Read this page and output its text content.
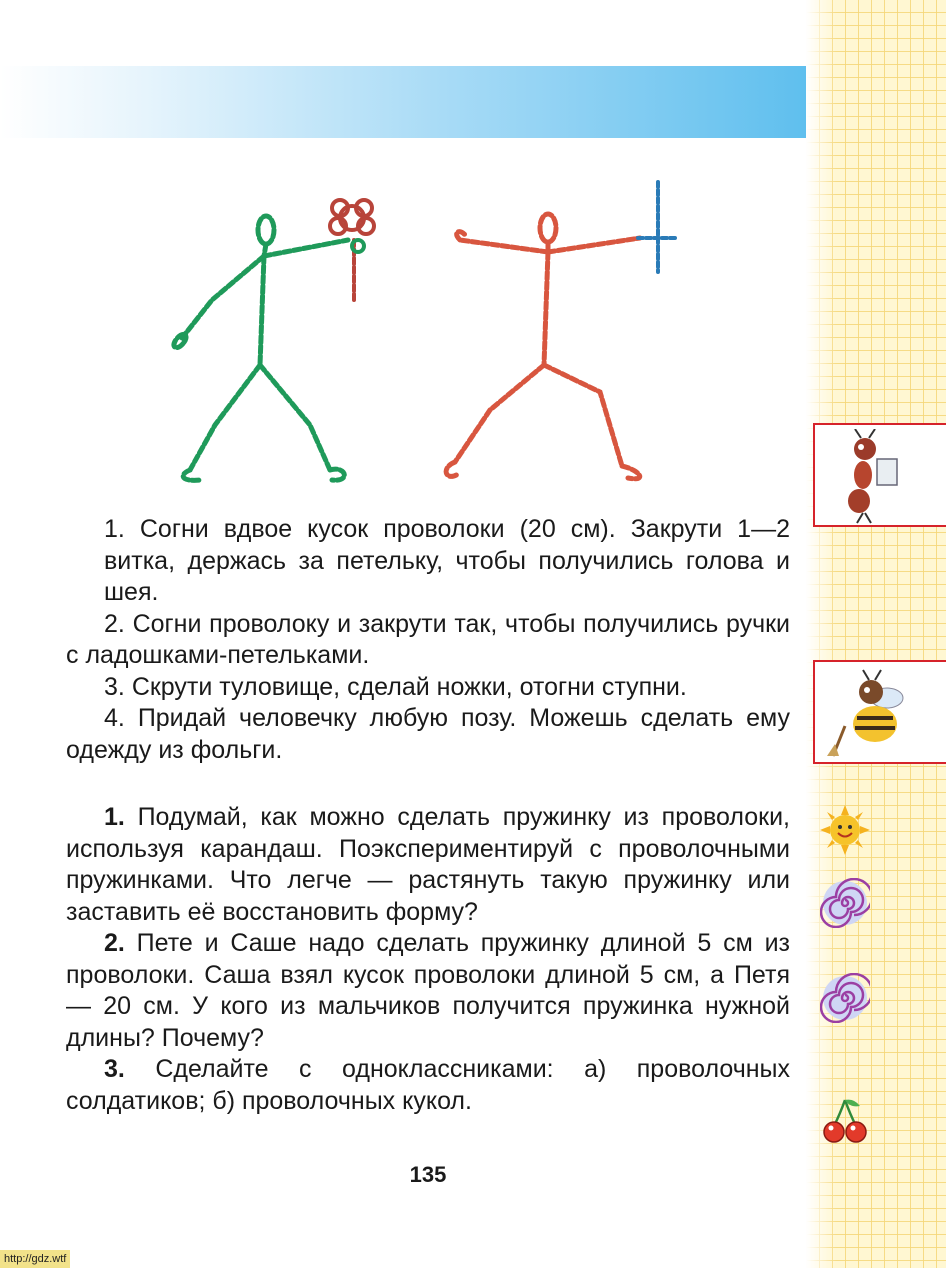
1. Согни вдвое кусок проволоки (20 см). Закрути 1—2 витка, держась за петельку, чтобы получились голова и шея.

2. Согни проволоку и закрути так, чтобы получились ручки с ладошками-петельками.

3. Скрути туловище, сделай ножки, отогни ступни.

4. Придай человечку любую позу. Можешь сделать ему одежду из фольги.

1. Подумай, как можно сделать пружинку из проволоки, используя карандаш. Поэкспериментируй с проволочными пружинками. Что легче — растянуть такую пружинку или заставить её восстановить форму?

2. Пете и Саше надо сделать пружинку длиной 5 см из проволоки. Саша взял кусок проволоки длиной 5 см, а Петя — 20 см. У кого из мальчиков получится пружинка нужной длины? Почему?

3. Сделайте с одноклассниками: а) проволочных солдатиков; б) проволочных кукол.

135
http://gdz.wtf
